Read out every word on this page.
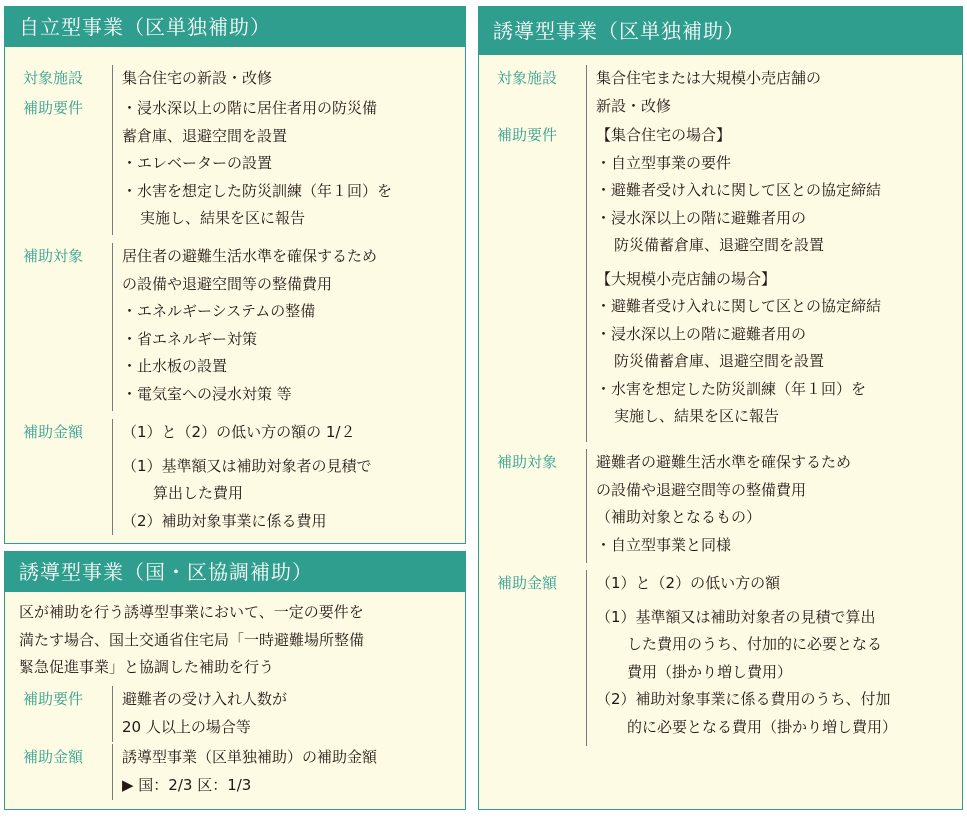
自立型事業（区単独補助）
対象施設	集合住宅の新設・改修
補助要件	・浸水深以上の階に居住者用の防災備
蓄倉庫、退避空間を設置
・エレベーターの設置
・水害を想定した防災訓練（年１回）を
実施し、結果を区に報告
補助対象	居住者の避難生活水準を確保するため
の設備や退避空間等の整備費用
・エネルギーシステムの整備
・省エネルギー対策
・止水板の設置
・電気室への浸水対策 等
補助金額	（1）と（2）の低い方の額の 1/２
（1）基準額又は補助対象者の見積で
算出した費用
（2）補助対象事業に係る費用
誘導型事業（国・区協調補助）
区が補助を行う誘導型事業において、一定の要件を
満たす場合、国土交通省住宅局「一時避難場所整備
緊急促進事業」と協調した補助を行う
補助要件	避難者の受け入れ人数が
20 人以上の場合等
補助金額	誘導型事業（区単独補助）の補助金額
▶ 国：2/3 区：1/3
誘導型事業（区単独補助）
対象施設	集合住宅または大規模小売店舗の
新設・改修
補助要件	【集合住宅の場合】
・自立型事業の要件
・避難者受け入れに関して区との協定締結
・浸水深以上の階に避難者用の
防災備蓄倉庫、退避空間を設置
【大規模小売店舗の場合】
・避難者受け入れに関して区との協定締結
・浸水深以上の階に避難者用の
防災備蓄倉庫、退避空間を設置
・水害を想定した防災訓練（年１回）を
実施し、結果を区に報告
補助対象	避難者の避難生活水準を確保するため
の設備や退避空間等の整備費用
（補助対象となるもの）
・自立型事業と同様
補助金額	（1）と（2）の低い方の額
（1）基準額又は補助対象者の見積で算出
した費用のうち、付加的に必要となる
費用（掛かり増し費用）
（2）補助対象事業に係る費用のうち、付加
的に必要となる費用（掛かり増し費用）
